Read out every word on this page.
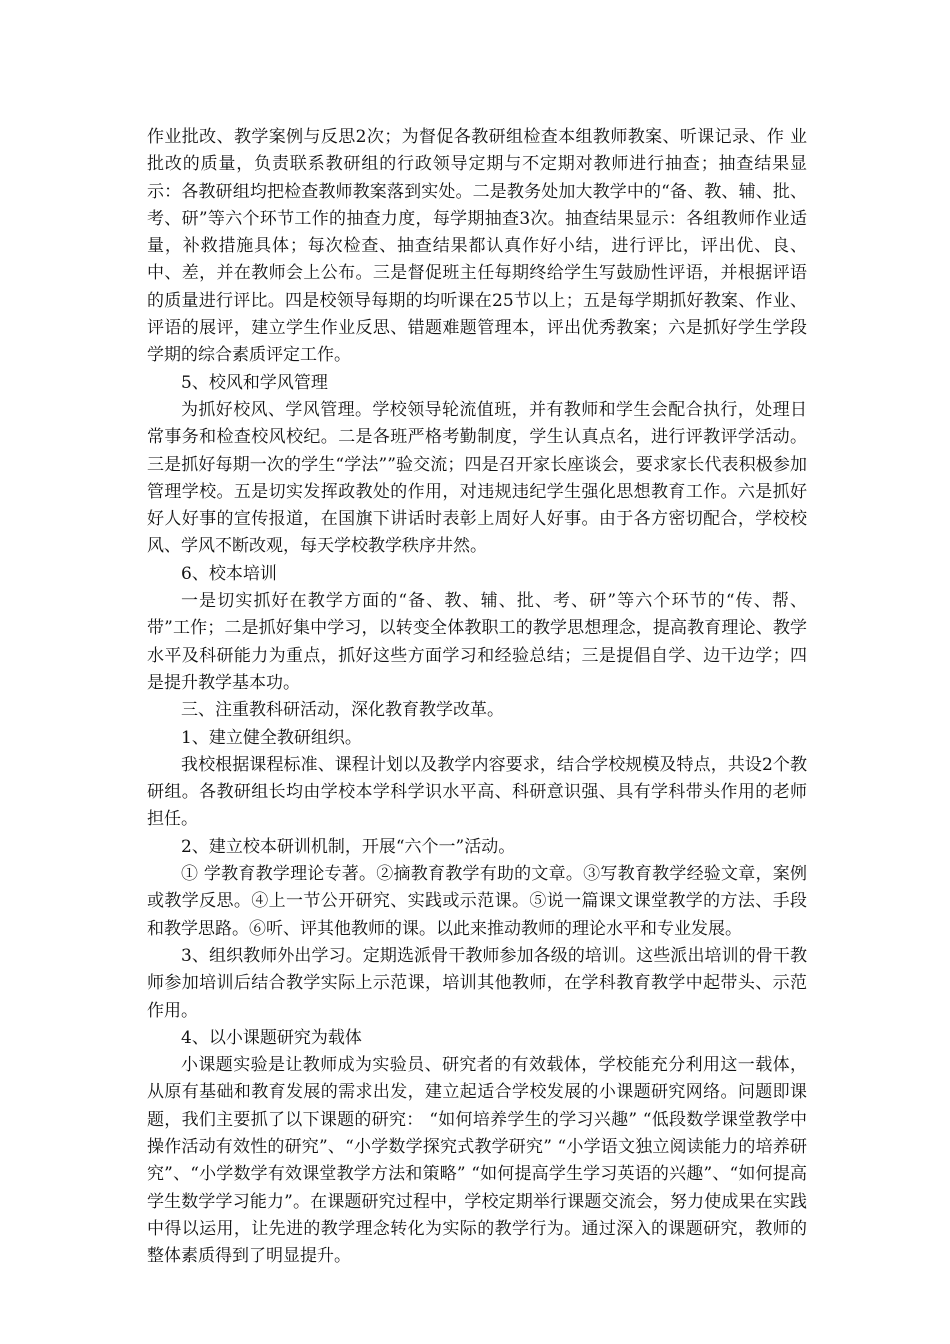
作业批改、教学案例与反思2次；为督促各教研组检查本组教师教案、听课记录、作 业批改的质量，负责联系教研组的行政领导定期与不定期对教师进行抽查；抽查结果显示：各教研组均把检查教师教案落到实处。二是教务处加大教学中的“备、教、辅、批、考、研”等六个环节工作的抽查力度，每学期抽查3次。抽查结果显示：各组教师作业适量，补救措施具体；每次检查、抽查结果都认真作好小结，进行评比，评出优、良、中、差，并在教师会上公布。三是督促班主任每期终给学生写鼓励性评语，并根据评语的质量进行评比。四是校领导每期的均听课在25节以上；五是每学期抓好教案、作业、评语的展评，建立学生作业反思、错题难题管理本，评出优秀教案；六是抓好学生学段学期的综合素质评定工作。

5、校风和学风管理

为抓好校风、学风管理。学校领导轮流值班，并有教师和学生会配合执行，处理日常事务和检查校风校纪。二是各班严格考勤制度，学生认真点名，进行评教评学活动。三是抓好每期一次的学生“学法””验交流；四是召开家长座谈会，要求家长代表积极参加管理学校。五是切实发挥政教处的作用，对违规违纪学生强化思想教育工作。六是抓好好人好事的宣传报道，在国旗下讲话时表彰上周好人好事。由于各方密切配合，学校校风、学风不断改观，每天学校教学秩序井然。

6、校本培训

一是切实抓好在教学方面的“备、教、辅、批、考、研”等六个环节的“传、帮、带”工作；二是抓好集中学习，以转变全体教职工的教学思想理念，提高教育理论、教学水平及科研能力为重点，抓好这些方面学习和经验总结；三是提倡自学、边干边学；四是提升教学基本功。

三、注重教科研活动，深化教育教学改革。

1、建立健全教研组织。

我校根据课程标准、课程计划以及教学内容要求，结合学校规模及特点，共设2个教研组。各教研组长均由学校本学科学识水平高、科研意识强、具有学科带头作用的老师担任。

2、建立校本研训机制，开展“六个一”活动。

① 学教育教学理论专著。②摘教育教学有助的文章。③写教育教学经验文章，案例或教学反思。④上一节公开研究、实践或示范课。⑤说一篇课文课堂教学的方法、手段和教学思路。⑥听、评其他教师的课。以此来推动教师的理论水平和专业发展。

3、组织教师外出学习。定期选派骨干教师参加各级的培训。这些派出培训的骨干教师参加培训后结合教学实际上示范课，培训其他教师，在学科教育教学中起带头、示范作用。

4、以小课题研究为载体

小课题实验是让教师成为实验员、研究者的有效载体，学校能充分利用这一载体，从原有基础和教育发展的需求出发，建立起适合学校发展的小课题研究网络。问题即课题，我们主要抓了以下课题的研究： “如何培养学生的学习兴趣” “低段数学课堂教学中操作活动有效性的研究”、“小学数学探究式教学研究” “小学语文独立阅读能力的培养研究”、“小学数学有效课堂教学方法和策略” “如何提高学生学习英语的兴趣”、“如何提高学生数学学习能力”。在课题研究过程中，学校定期举行课题交流会，努力使成果在实践中得以运用，让先进的教学理念转化为实际的教学行为。通过深入的课题研究，教师的整体素质得到了明显提升。
